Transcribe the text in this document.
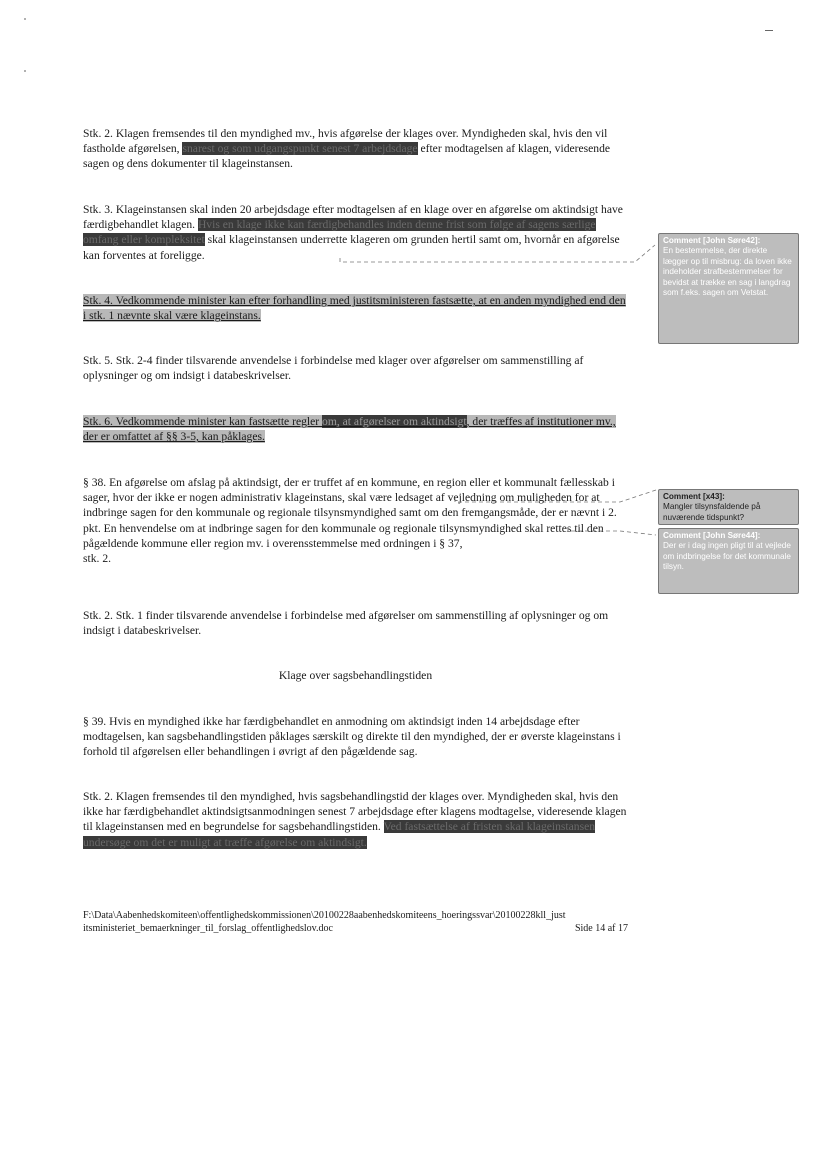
Stk. 2. Klagen fremsendes til den myndighed mv., hvis afgørelse der klages over. Myndigheden skal, hvis den vil fastholde afgørelsen, snarest og som udgangspunkt senest 7 arbejdsdage efter modtagelsen af klagen, videresende sagen og dens dokumenter til klageinstansen.
Stk. 3. Klageinstansen skal inden 20 arbejdsdage efter modtagelsen af en klage over en afgørelse om aktindsigt have færdigbehandlet klagen. Hvis en klage ikke kan færdigbehandles inden denne frist som følge af sagens særlige omfang eller kompleksitet skal klageinstansen underrette klageren om grunden hertil samt om, hvornår en afgørelse kan forventes at foreligge.
Stk. 4. Vedkommende minister kan efter forhandling med justitsministeren fastsætte, at en anden myndighed end den i stk. 1 nævnte skal være klageinstans.
Stk. 5. Stk. 2-4 finder tilsvarende anvendelse i forbindelse med klager over afgørelser om sammenstilling af oplysninger og om indsigt i databeskrivelser.
Stk. 6. Vedkommende minister kan fastsætte regler om, at afgørelser om aktindsigt, der træffes af institutioner mv., der er omfattet af §§ 3-5, kan påklages.
§ 38. En afgørelse om afslag på aktindsigt, der er truffet af en kommune, en region eller et kommunalt fællesskab i sager, hvor der ikke er nogen administrativ klageinstans, skal være ledsaget af vejledning om muligheden for at indbringe sagen for den kommunale og regionale tilsynsmyndighed samt om den fremgangsmåde, der er nævnt i 2. pkt. En henvendelse om at indbringe sagen for den kommunale og regionale tilsynsmyndighed skal rettes til den pågældende kommune eller region mv. i overensstemmelse med ordningen i § 37,
stk. 2.
Stk. 2. Stk. 1 finder tilsvarende anvendelse i forbindelse med afgørelser om sammenstilling af oplysninger og om indsigt i databeskrivelser.
Klage over sagsbehandlingstiden
§ 39. Hvis en myndighed ikke har færdigbehandlet en anmodning om aktindsigt inden 14 arbejdsdage efter modtagelsen, kan sagsbehandlingstiden påklages særskilt og direkte til den myndighed, der er øverste klageinstans i forhold til afgørelsen eller behandlingen i øvrigt af den pågældende sag.
Stk. 2. Klagen fremsendes til den myndighed, hvis sagsbehandlingstid der klages over. Myndigheden skal, hvis den ikke har færdigbehandlet aktindsigtsanmodningen senest 7 arbejdsdage efter klagens modtagelse, videresende klagen til klageinstansen med en begrundelse for sagsbehandlingstiden. Ved fastsættelse af fristen skal klageinstansen undersøge om det er muligt at træffe afgørelse om aktindsigt.
Comment [John Søre42]:
En bestemmelse, der direkte lægger op til misbrug: da loven ikke indeholder strafbestemmelser for bevidst at trække en sag i langdrag som f.eks. sagen om Vetstat.
Comment [x43]:
Mangler tilsynsfaldende på nuværende tidspunkt?
Comment [John Søre44]:
Der er i dag ingen pligt til at vejlede om indbringelse for det kommunale tilsyn.
F:\Data\Aabenhedskomiteen\offentlighedskommissionen\20100228aabenhedskomiteens_hoeringssvar\20100228kll_just
itsministeriet_bemaerkninger_til_forslag_offentlighedslov.doc	Side 14 af 17
